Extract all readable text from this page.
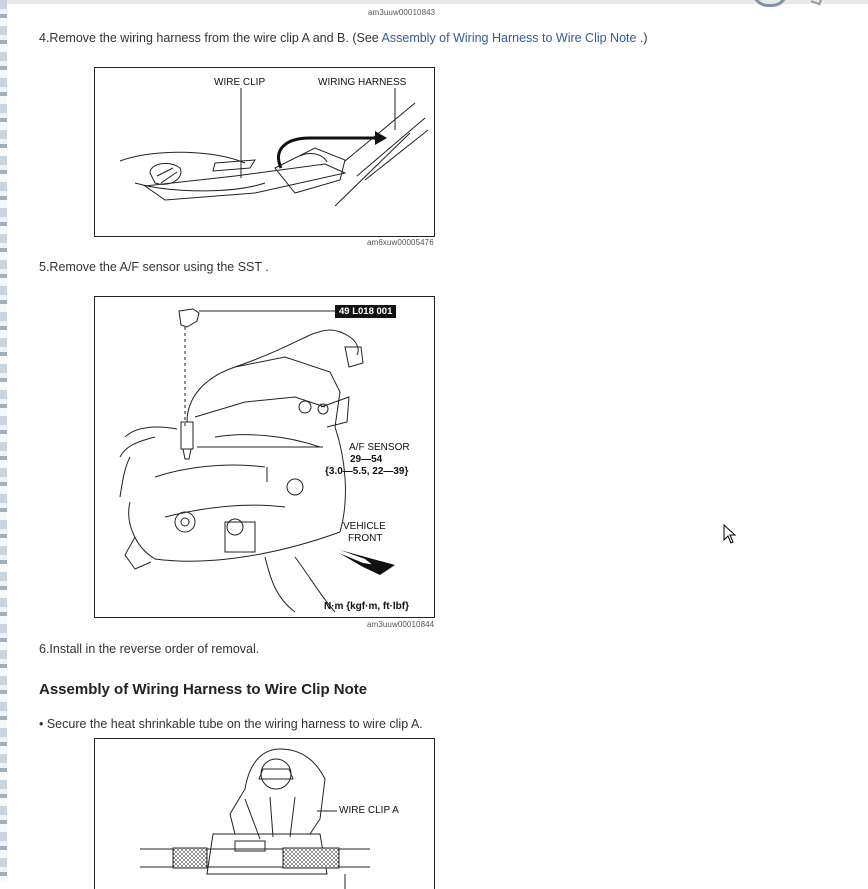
am3uuw00010843
4.Remove the wiring harness from the wire clip A and B. (See Assembly of Wiring Harness to Wire Clip Note .)
WIRE CLIP	WIRING HARNESS
am6xuw00005476
5.Remove the A/F sensor using the SST .
49 L018 001
A/F SENSOR
29—54
{3.0—5.5, 22—39}
VEHICLE
FRONT
N·m {kgf·m, ft·lbf}
am3uuw00010844
6.Install in the reverse order of removal.
Assembly of Wiring Harness to Wire Clip Note
• Secure the heat shrinkable tube on the wiring harness to wire clip A.
WIRE CLIP A
